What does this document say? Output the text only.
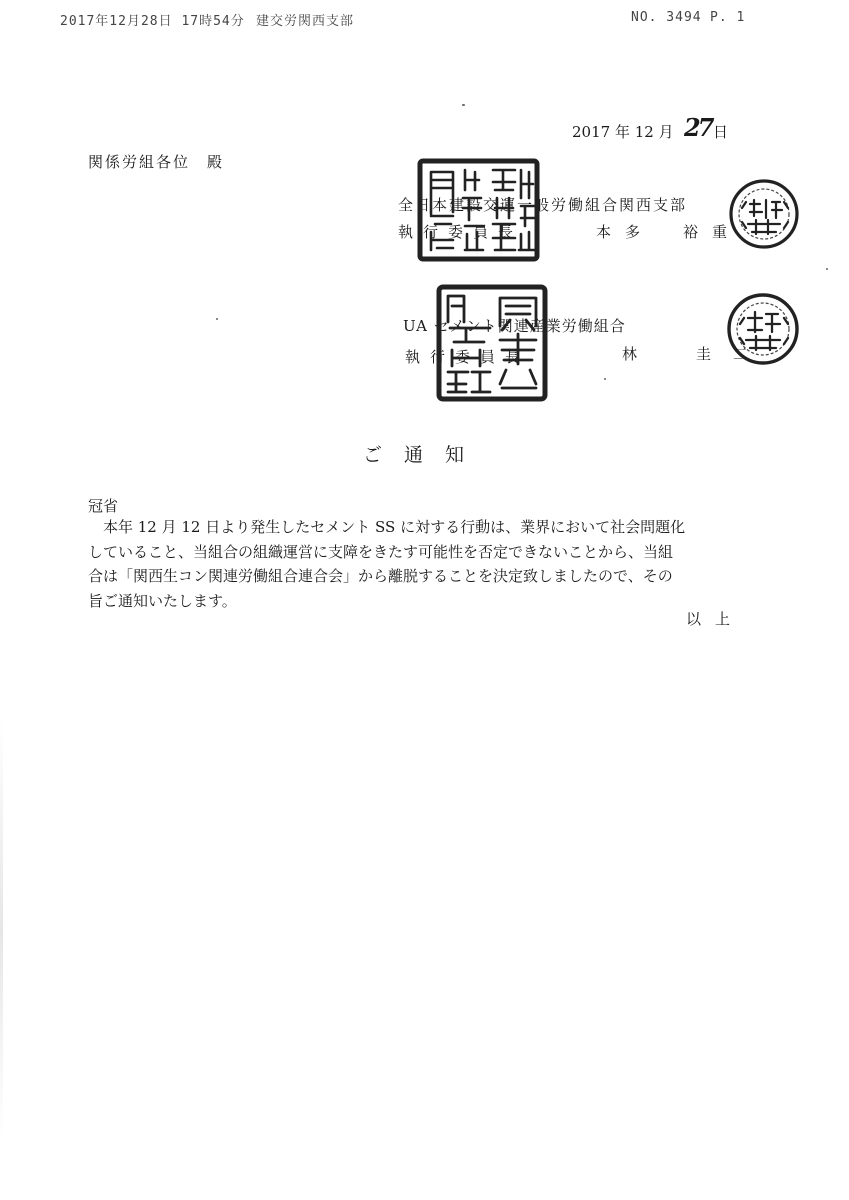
2017年12月28日 17時54分 建交労関西支部	NO. 3494 P. 1
2017 年 12 月 27 日
関係労組各位　殿
全日本建設交運一般労働組合関西支部
執行委員長	本多　裕重
UA セメント関連産業労働組合
執行委員長	林　圭二
ご通知
冠省
本年 12 月 12 日より発生したセメント SS に対する行動は、業界において社会問題化
していること、当組合の組織運営に支障をきたす可能性を否定できないことから、当組
合は「関西生コン関連労働組合連合会」から離脱することを決定致しましたので、その
旨ご通知いたします。
以上
